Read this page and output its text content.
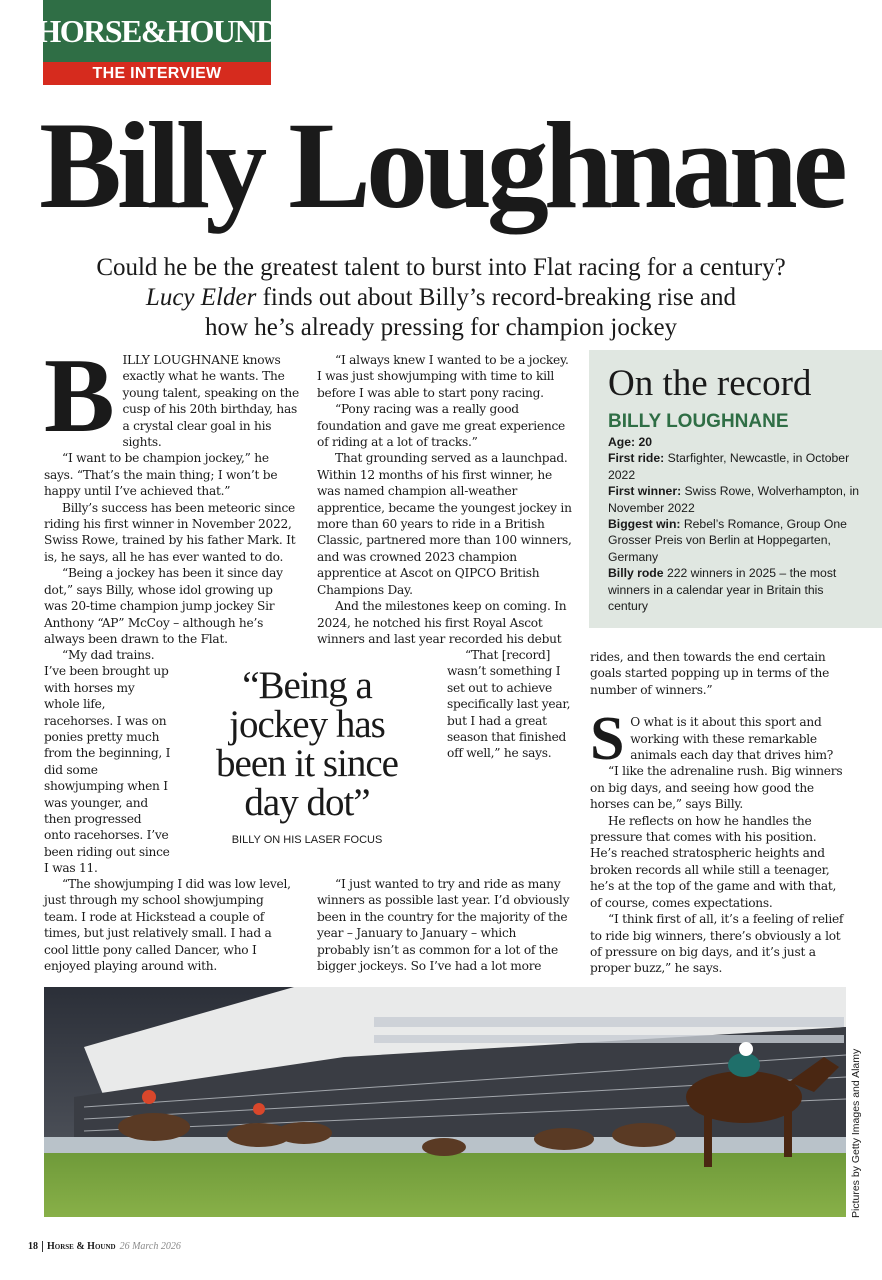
HORSE&HOUND
THE INTERVIEW
Billy Loughnane
Could he be the greatest talent to burst into Flat racing for a century?
Lucy Elder finds out about Billy’s record-breaking rise and
how he’s already pressing for champion jockey

BILLY LOUGHNANE knows exactly what he wants. The young talent, speaking on the cusp of his 20th birthday, has a crystal clear goal in his sights.

“I want to be champion jockey,” he says. “That’s the main thing; I won’t be happy until I’ve achieved that.”

Billy’s success has been meteoric since riding his first winner in November 2022, Swiss Rowe, trained by his father Mark. It is, he says, all he has ever wanted to do.

“Being a jockey has been it since day dot,” says Billy, whose idol growing up was 20-time champion jump jockey Sir Anthony “AP” McCoy – although he’s always been drawn to the Flat.

“My dad trains. I’ve been brought up with horses my whole life, racehorses. I was on ponies pretty much from the beginning, I did some showjumping when I was younger, and then progressed onto racehorses. I’ve been riding out since I was 11.

“The showjumping I did was low level, just through my school showjumping team. I rode at Hickstead a couple of times, but just relatively small. I had a cool little pony called Dancer, who I enjoyed playing around with.

“I always knew I wanted to be a jockey. I was just showjumping with time to kill before I was able to start pony racing.

“Pony racing was a really good foundation and gave me great experience of riding at a lot of tracks.”

That grounding served as a launchpad. Within 12 months of his first winner, he was named champion all-weather apprentice, became the youngest jockey in more than 60 years to ride in a British Classic, partnered more than 100 winners, and was crowned 2023 champion apprentice at Ascot on QIPCO British Champions Day.

And the milestones keep on coming. In 2024, he notched his first Royal Ascot winners and last year recorded his debut

“That [record] wasn’t something I set out to achieve specifically last year, but I had a great season that finished off well,” he says.

“I just wanted to try and ride as many winners as possible last year. I’d obviously been in the country for the majority of the year – January to January – which probably isn’t as common for a lot of the bigger jockeys. So I’ve had a lot more

“Being a jockey has been it since day dot”
BILLY ON HIS LASER FOCUS

rides, and then towards the end certain goals started popping up in terms of the number of winners.”

S O what is it about this sport and working with these remarkable animals each day that drives him?

“I like the adrenaline rush. Big winners on big days, and seeing how good the horses can be,” says Billy.

He reflects on how he handles the pressure that comes with his position. He’s reached stratospheric heights and broken records all while still a teenager, he’s at the top of the game and with that, of course, comes expectations.

“I think first of all, it’s a feeling of relief to ride big winners, there’s obviously a lot of pressure on big days, and it’s just a proper buzz,” he says.

On the record
BILLY LOUGHNANE
Age: 20
First ride: Starfighter, Newcastle, in October 2022
First winner: Swiss Rowe, Wolverhampton, in November 2022
Biggest win: Rebel’s Romance, Group One Grosser Preis von Berlin at Hoppegarten, Germany
Billy rode 222 winners in 2025 – the most winners in a calendar year in Britain this century
Pictures by Getty Images and Alamy
18 Horse & Hound 26 March 2026
